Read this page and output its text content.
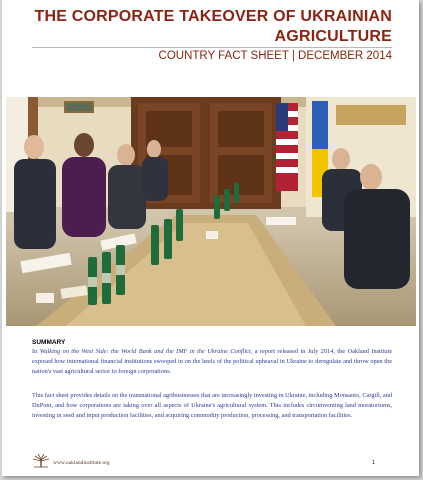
THE CORPORATE TAKEOVER OF UKRAINIAN
AGRICULTURE
COUNTRY FACT SHEET | DECEMBER 2014
SUMMARY

In Walking on the West Side: the World Bank and the IMF in the Ukraine Conflict, a report released in July 2014, the Oakland Institute exposed how international financial institutions swooped in on the heels of the political upheaval in Ukraine to deregulate and throw open the nation's vast agricultural sector to foreign corporations.

This fact sheet provides details on the transnational agribusinesses that are increasingly investing in Ukraine, including Monsanto, Cargill, and DuPont, and how corporations are taking over all aspects of Ukraine's agricultural system. This includes circumventing land moratoriums, investing in seed and input production facilities, and acquiring commodity production, processing, and transportation facilities.

www.oaklandinstitute.org	1
